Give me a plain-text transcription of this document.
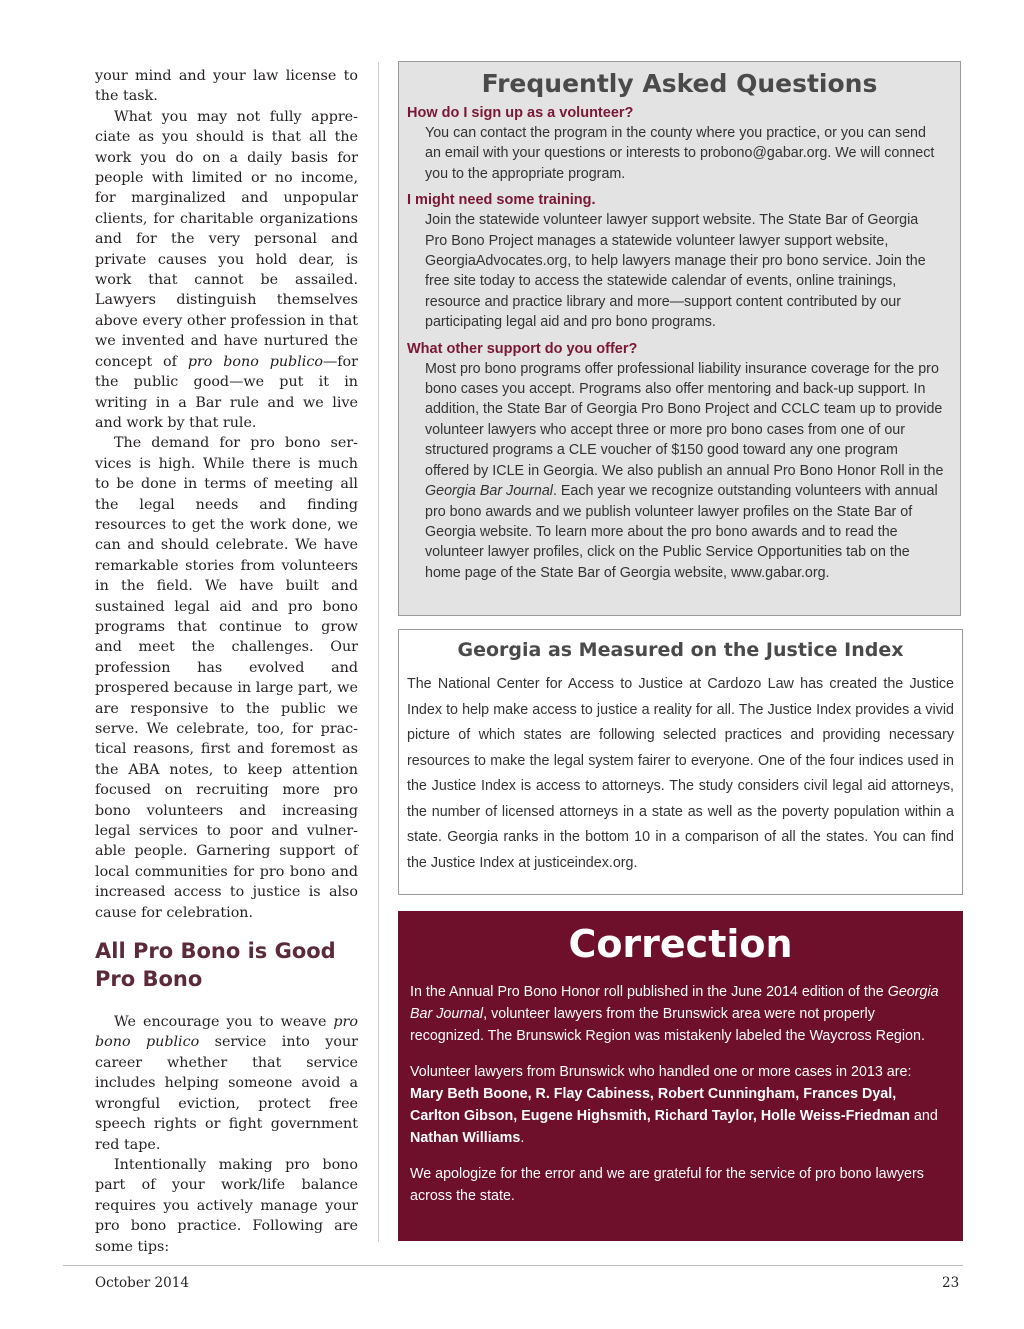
your mind and your law license to the task.

What you may not fully appreciate as you should is that all the work you do on a daily basis for people with limited or no income, for marginalized and unpopular clients, for charitable organizations and for the very personal and private causes you hold dear, is work that cannot be assailed. Lawyers distinguish themselves above every other profession in that we invented and have nurtured the concept of pro bono publico—for the public good—we put it in writing in a Bar rule and we live and work by that rule.

The demand for pro bono services is high. While there is much to be done in terms of meeting all the legal needs and finding resources to get the work done, we can and should celebrate. We have remarkable stories from volunteers in the field. We have built and sustained legal aid and pro bono programs that continue to grow and meet the challenges. Our profession has evolved and prospered because in large part, we are responsive to the public we serve. We celebrate, too, for practical reasons, first and foremost as the ABA notes, to keep attention focused on recruiting more pro bono volunteers and increasing legal services to poor and vulnerable people. Garnering support of local communities for pro bono and increased access to justice is also cause for celebration.

All Pro Bono is Good Pro Bono

We encourage you to weave pro bono publico service into your career whether that service includes helping someone avoid a wrongful eviction, protect free speech rights or fight government red tape.

Intentionally making pro bono part of your work/life balance requires you actively manage your pro bono practice. Following are some tips:

Frequently Asked Questions
How do I sign up as a volunteer?
You can contact the program in the county where you practice, or you can send an email with your questions or interests to probono@gabar.org. We will connect you to the appropriate program.
I might need some training.
Join the statewide volunteer lawyer support website. The State Bar of Georgia Pro Bono Project manages a statewide volunteer lawyer support website, GeorgiaAdvocates.org, to help lawyers manage their pro bono service. Join the free site today to access the statewide calendar of events, online trainings, resource and practice library and more—support content contributed by our participating legal aid and pro bono programs.
What other support do you offer?
Most pro bono programs offer professional liability insurance coverage for the pro bono cases you accept. Programs also offer mentoring and back-up support. In addition, the State Bar of Georgia Pro Bono Project and CCLC team up to provide volunteer lawyers who accept three or more pro bono cases from one of our structured programs a CLE voucher of $150 good toward any one program offered by ICLE in Georgia. We also publish an annual Pro Bono Honor Roll in the Georgia Bar Journal. Each year we recognize outstanding volunteers with annual pro bono awards and we publish volunteer lawyer profiles on the State Bar of Georgia website. To learn more about the pro bono awards and to read the volunteer lawyer profiles, click on the Public Service Opportunities tab on the home page of the State Bar of Georgia website, www.gabar.org.
Georgia as Measured on the Justice Index
The National Center for Access to Justice at Cardozo Law has created the Justice Index to help make access to justice a reality for all. The Justice Index provides a vivid picture of which states are following selected practices and providing necessary resources to make the legal system fairer to everyone. One of the four indices used in the Justice Index is access to attorneys. The study considers civil legal aid attorneys, the number of licensed attorneys in a state as well as the poverty population within a state. Georgia ranks in the bottom 10 in a comparison of all the states. You can find the Justice Index at justiceindex.org.
Correction

In the Annual Pro Bono Honor roll published in the June 2014 edition of the Georgia Bar Journal, volunteer lawyers from the Brunswick area were not properly recognized. The Brunswick Region was mistakenly labeled the Waycross Region.

Volunteer lawyers from Brunswick who handled one or more cases in 2013 are: Mary Beth Boone, R. Flay Cabiness, Robert Cunningham, Frances Dyal, Carlton Gibson, Eugene Highsmith, Richard Taylor, Holle Weiss-Friedman and Nathan Williams.

We apologize for the error and we are grateful for the service of pro bono lawyers across the state.

October 2014	23
